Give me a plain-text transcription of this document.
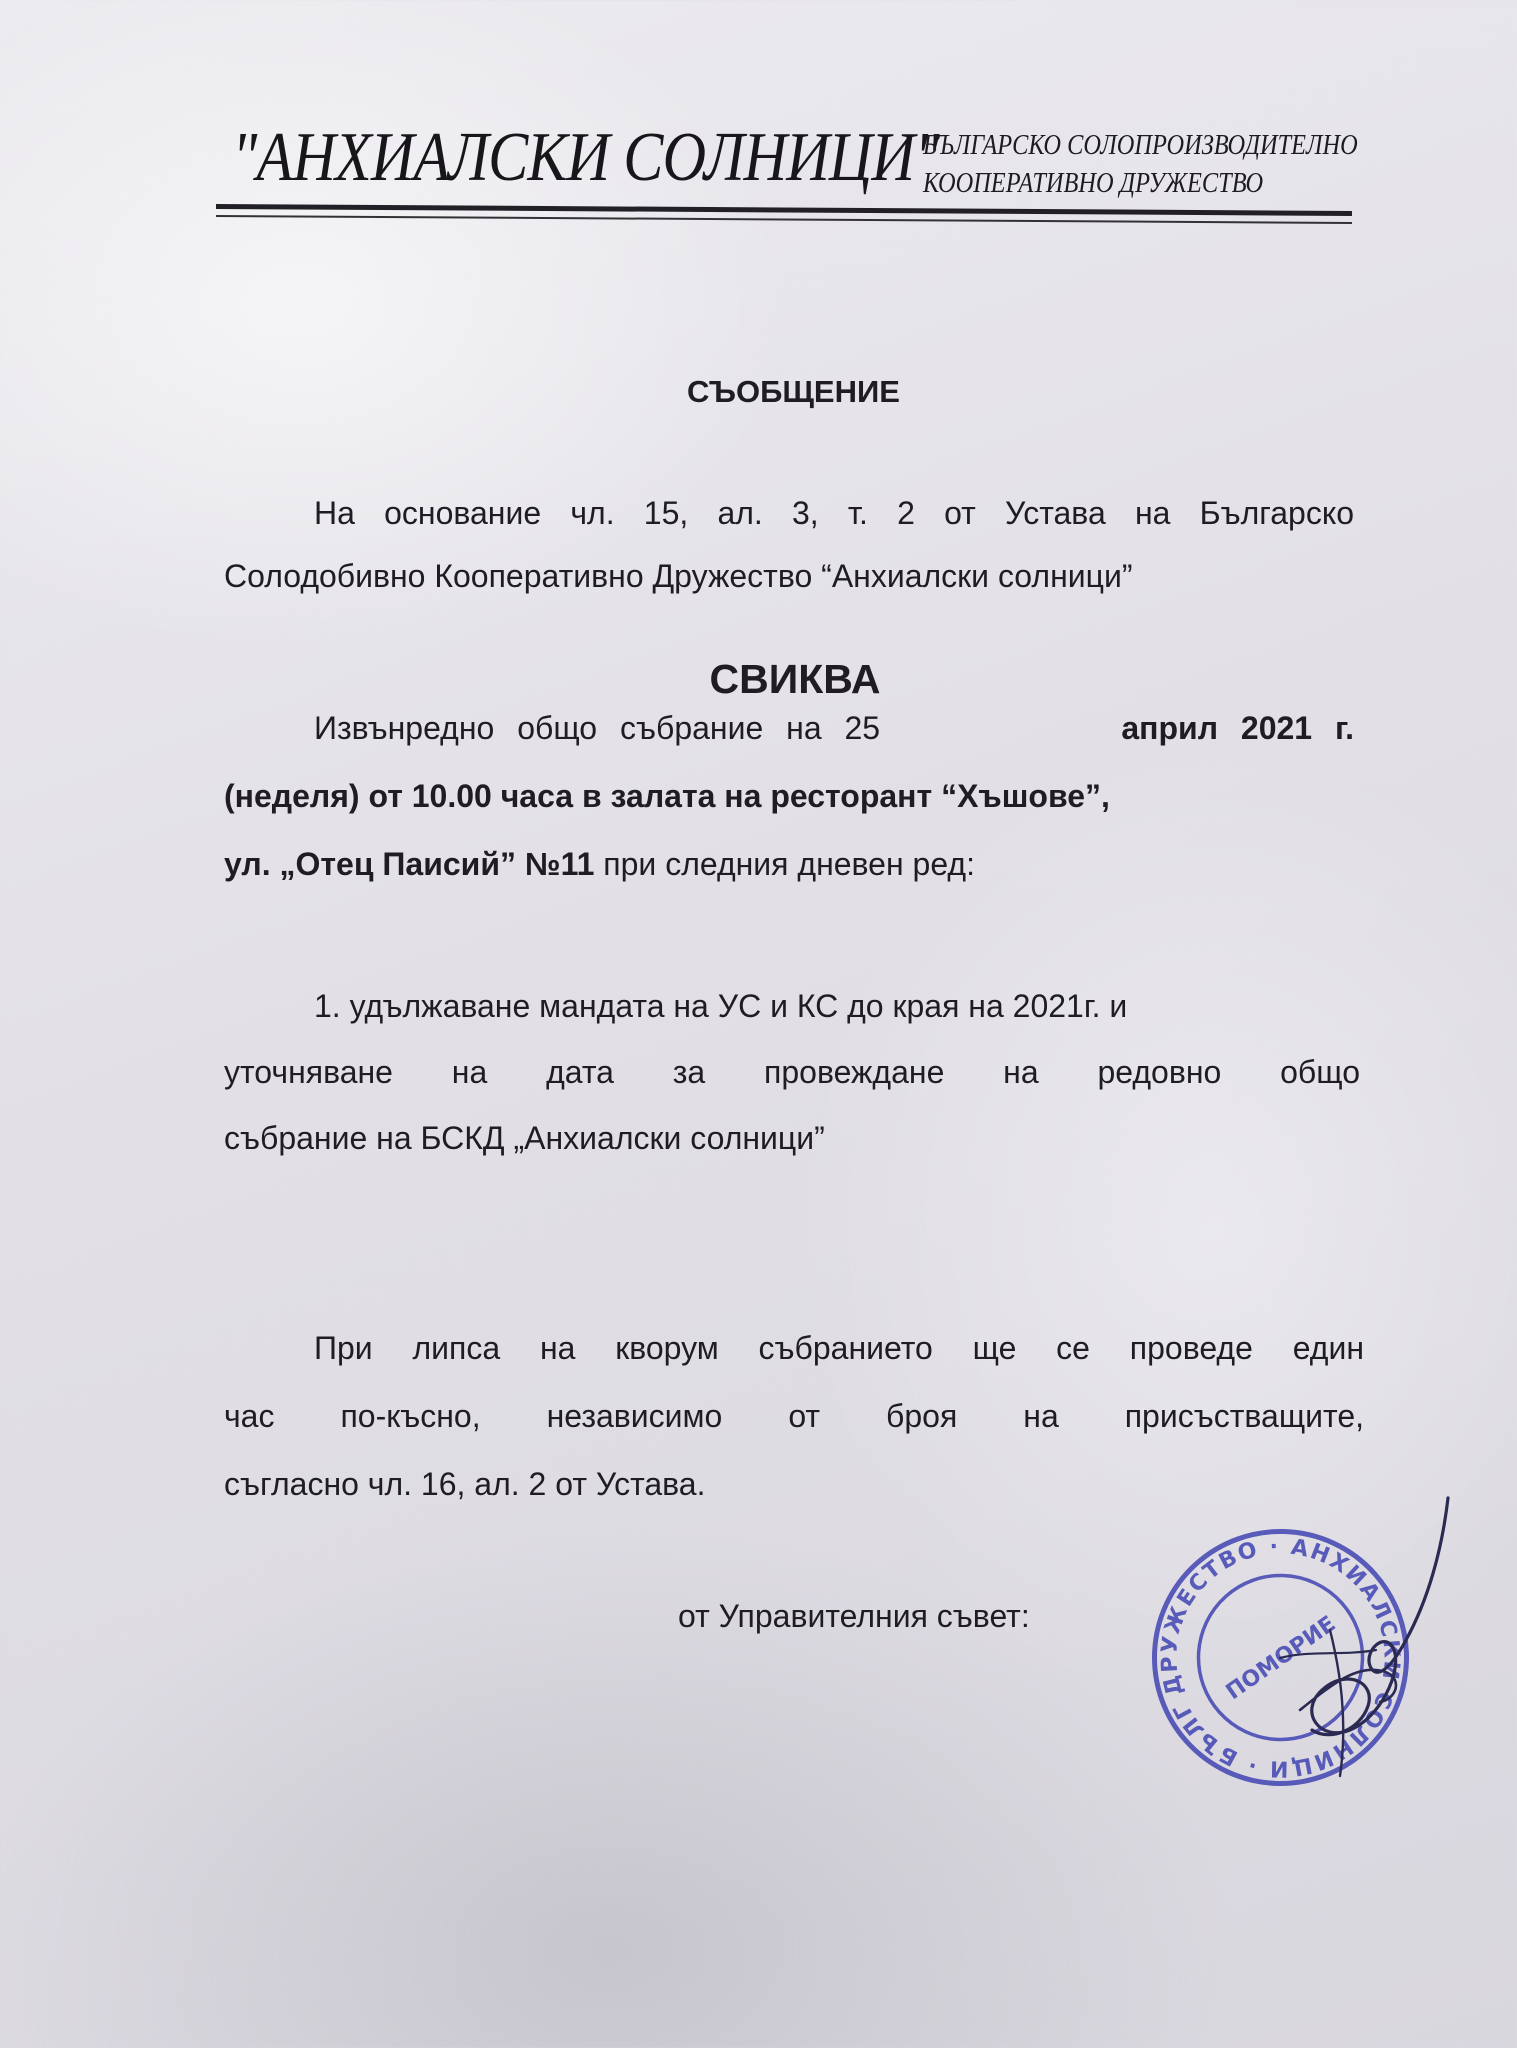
"АНХИАЛСКИ СОЛНИЦИ"
БЪЛГАРСКО СОЛОПРОИЗВОДИТЕЛНО
КООПЕРАТИВНО ДРУЖЕСТВО
СЪОБЩЕНИЕ
На основание чл. 15, ал. 3, т. 2 от Устава на Българско
Солодобивно Кооперативно Дружество “Анхиалски солници”
СВИКВА
Извънредно общо събрание на 25	април 2021 г.
(неделя) от 10.00 часа в залата на ресторант “Хъшове”,
ул. „Отец Паисий” №11 при следния дневен ред:
1. удължаване мандата на УС и КС до края на 2021г. и
уточняване на дата за провеждане на редовно общо
събрание на БСКД „Анхиалски солници”
При липса на кворум събранието ще се проведе един
час по-късно, независимо от броя на присъстващите,
съгласно чл. 16, ал. 2 от Устава.
от Управителния съвет:
ДРУЖЕСТВО · АНХИАЛСКИ СОЛНИЦИ · БЪЛГАРСКО
ПОМОРИЕ
